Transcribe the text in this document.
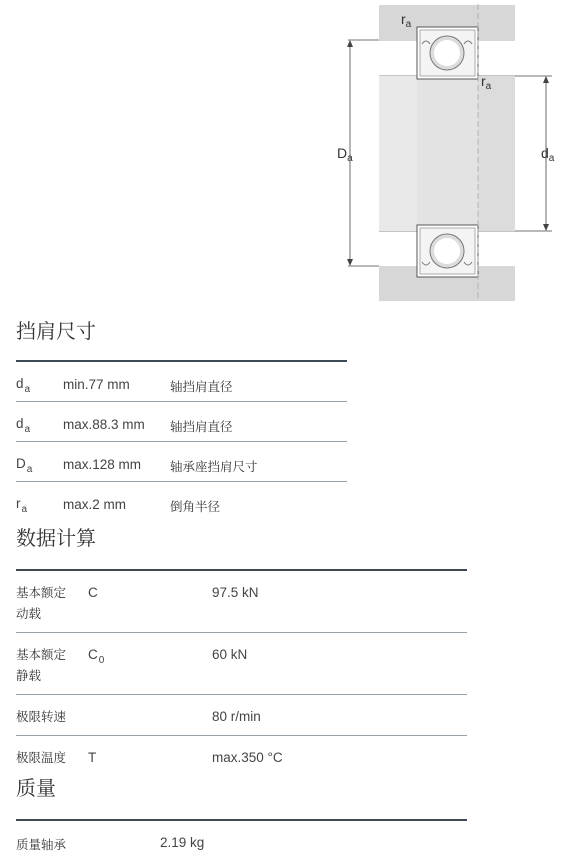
$r_a$
$r_a$
$D_a$	$d_a$
挡肩尺寸
$d_a$ min.77 mm	轴挡肩直径
$d_a$ max.88.3 mm 轴挡肩直径
$D_a$ max.128 mm 轴承座挡肩尺寸
$r_a$	max.2 mm	倒角半径
数据计算
基本额定
动载
C	97.5 kN
基本额定
静载
$C_0$	60 kN
极限转速	80 r/min
极限温度 T	max.350 °C
质量
质量轴承	2.19 kg
